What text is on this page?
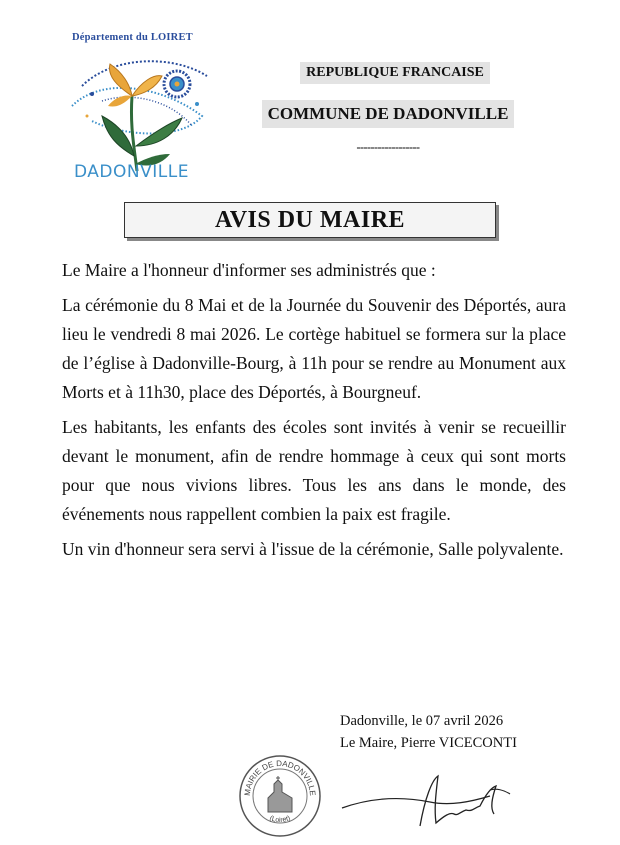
Département du LOIRET
DADONVILLE
REPUBLIQUE FRANCAISE
COMMUNE DE DADONVILLE
------------------
AVIS DU MAIRE

Le Maire a l'honneur d'informer ses administrés que :

La cérémonie du 8 Mai et de la Journée du Souvenir des Déportés, aura lieu le vendredi 8 mai 2026. Le cortège habituel se formera sur la place de l’église à Dadonville-Bourg, à 11h pour se rendre au Monument aux Morts et à 11h30, place des Déportés, à Bourgneuf.

Les habitants, les enfants des écoles sont invités à venir se recueillir devant le monument, afin de rendre hommage à ceux qui sont morts pour que nous vivions libres. Tous les ans dans le monde, des événements nous rappellent combien la paix est fragile.

Un vin d'honneur sera servi à l'issue de la cérémonie, Salle polyvalente.

Dadonville, le 07 avril 2026
Le Maire, Pierre VICECONTI
MAIRIE DE DADONVILLE
(Loiret)
